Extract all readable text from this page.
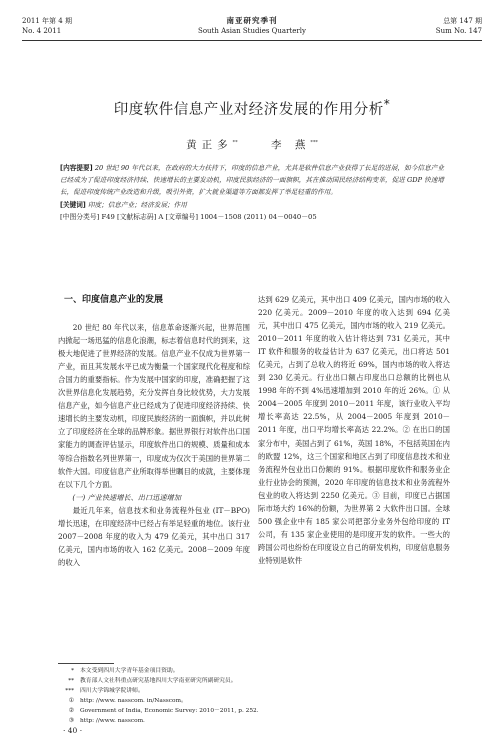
2011 年第 4 期
No. 4 2011
南亚研究季刊
South Asian Studies Quarterly
总第 147 期
Sum No. 147
印度软件信息产业对经济发展的作用分析*
黄正多**	李 燕***

[内容提要] 20 世纪 90 年代以来，在政府的大力扶持下，印度的信息产业，尤其是软件信息产业获得了长足的进展，如今信息产业已经成为了促进印度经济持续、快速增长的主要发动机，印度民族经济的一面旗帜，其在推动国民经济结构变革，促进 GDP 快速增长，促进印度传统产业改造和升级，吸引外资，扩大就业渠道等方面都发挥了举足轻重的作用。

[关键词] 印度；信息产业；经济发展；作用

[中图分类号] F49 [文献标志码] A [文章编号] 1004－1508 (2011) 04－0040－05

一、印度信息产业的发展

20 世纪 80 年代以来，信息革命逐渐兴起，世界范围内掀起一场迅猛的信息化浪潮，标志着信息时代的到来，这极大地促进了世界经济的发展。信息产业不仅成为世界第一产业，而且其发展水平已成为衡量一个国家现代化程度和综合国力的重要指标。作为发展中国家的印度，准确把握了这次世界信息化发展趋势，充分发挥自身比较优势，大力发展信息产业，如今信息产业已经成为了促进印度经济持续、快速增长的主要发动机，印度民族经济的一面旗帜，并以此树立了印度经济在全球的品牌形象。据世界银行对软件出口国家能力的调查评估显示，印度软件出口的规模、质量和成本等综合指数名列世界第一，印度成为仅次于美国的世界第二软件大国。印度信息产业所取得举世瞩目的成就，主要体现在以下几个方面。

(一) 产业快速增长、出口迅速增加

最近几年来，信息技术和业务流程外包业 (IT－BPO) 增长迅速，在印度经济中已经占有举足轻重的地位。该行业 2007－2008 年度的收入为 479 亿美元，其中出口 317 亿美元，国内市场的收入 162 亿美元。2008－2009 年度的收入

达到 629 亿美元，其中出口 409 亿美元，国内市场的收入 220 亿美元。2009－2010 年度的收入达到 694 亿美元，其中出口 475 亿美元，国内市场的收入 219 亿美元。2010－2011 年度的收入估计将达到 731 亿美元，其中 IT 软件和服务的收益估计为 637 亿美元，出口将达 501 亿美元，占到了总收入的将近 69%，国内市场的收入将达到 230 亿美元。行业出口额占印度出口总额的比例也从 1998 年的不到 4%迅速增加到 2010 年的近 26%。① 从 2004－2005 年度到 2010－2011 年度，该行业收入平均增长率高达 22.5%，从 2004－2005 年度到 2010－2011 年度，出口平均增长率高达 22.2%。② 在出口的国家分布中，美国占到了 61%，英国 18%，不包括英国在内的欧盟 12%，这三个国家和地区占到了印度信息技术和业务流程外包业出口份额的 91%。根据印度软件和服务业企业行业协会的预测，2020 年印度的信息技术和业务流程外包业的收入将达到 2250 亿美元。③ 目前，印度已占据国际市场大约 16%的份额，为世界第 2 大软件出口国。全球 500 强企业中有 185 家公司把部分业务外包给印度的 IT 公司，有 135 家企业使用的是印度开发的软件。一些大的跨国公司也纷纷在印度设立自己的研发机构，印度信息服务业特别是软件

*	本文受到四川大学青年基金项目资助。
**	教育部人文社科重点研究基地四川大学南亚研究所副研究员。
***	四川大学锦城学院讲师。
①	http: //www. nasscom. in/Nasscom。
②	Government of India, Economic Survey: 2010－2011, p. 252.
③	http: //www. nasscom.
· 40 ·
